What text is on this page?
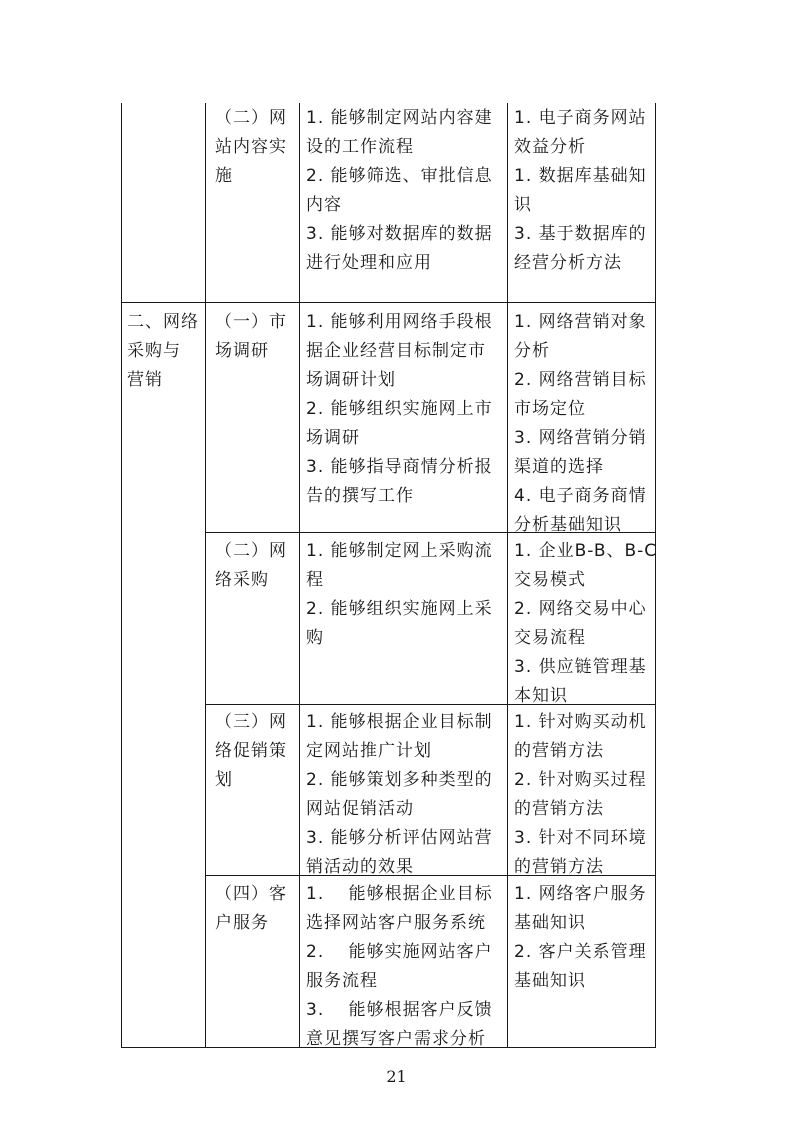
（二）网
站内容实
施
1. 能够制定网站内容建
设的工作流程
2. 能够筛选、审批信息
内容
3. 能够对数据库的数据
进行处理和应用
1. 电子商务网站
效益分析
1. 数据库基础知
识
3. 基于数据库的
经营分析方法
二、网络
采购与
营销
（一）市
场调研
1. 能够利用网络手段根
据企业经营目标制定市
场调研计划
2. 能够组织实施网上市
场调研
3. 能够指导商情分析报
告的撰写工作
1. 网络营销对象
分析
2. 网络营销目标
市场定位
3. 网络营销分销
渠道的选择
4. 电子商务商情
分析基础知识
（二）网
络采购
1. 能够制定网上采购流
程
2. 能够组织实施网上采
购
1. 企业B-B、B-C
交易模式
2. 网络交易中心
交易流程
3. 供应链管理基
本知识
（三）网
络促销策
划
1. 能够根据企业目标制
定网站推广计划
2. 能够策划多种类型的
网站促销活动
3. 能够分析评估网站营
销活动的效果
1. 针对购买动机
的营销方法
2. 针对购买过程
的营销方法
3. 针对不同环境
的营销方法
（四）客
户服务
1.　 能够根据企业目标
选择网站客户服务系统
2.　 能够实施网站客户
服务流程
3.　 能够根据客户反馈
意见撰写客户需求分析
1. 网络客户服务
基础知识
2. 客户关系管理
基础知识
21
